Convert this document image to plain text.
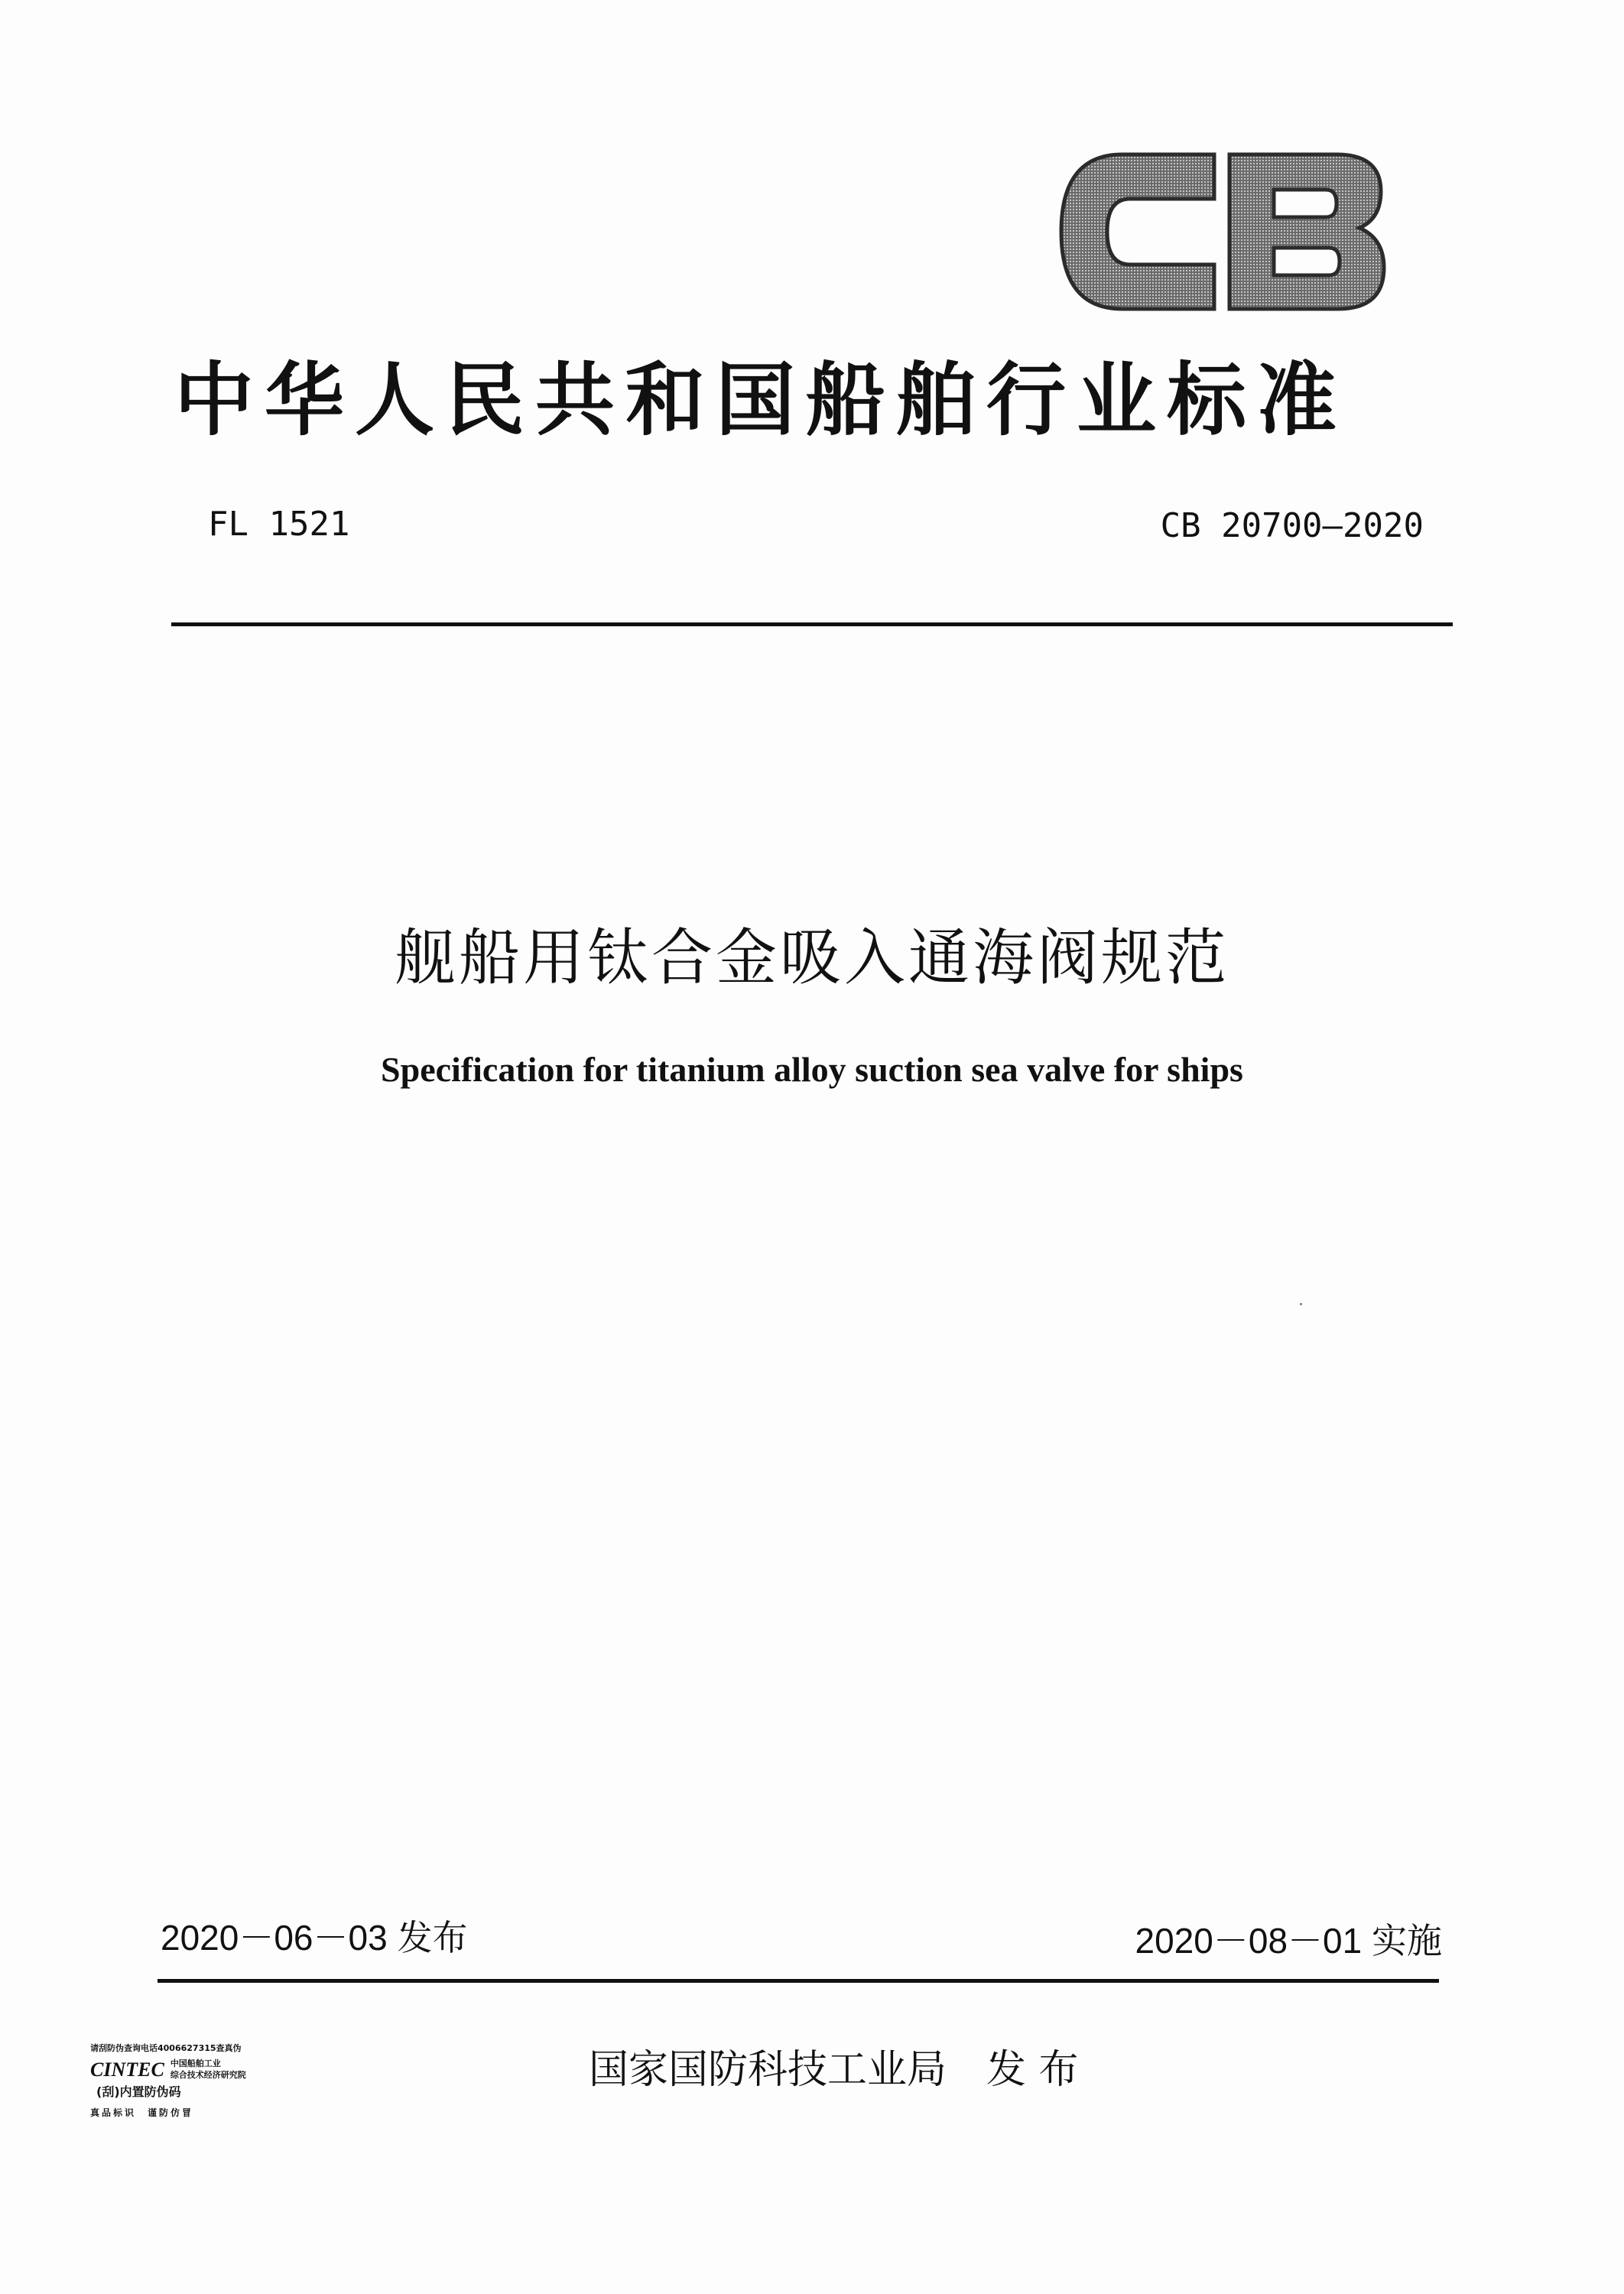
中华人民共和国船舶行业标准
FL 1521	CB 20700—2020
舰船用钛合金吸入通海阀规范
Specification for titanium alloy suction sea valve for ships
2020－06－03 发布	2020－08－01 实施
请刮防伪查询电话4006627315查真伪
CINTEC 中国船舶工业
综合技术经济研究院
(刮)内置防伪码
真品标识　谨防仿冒
国家国防科技工业局　发 布
